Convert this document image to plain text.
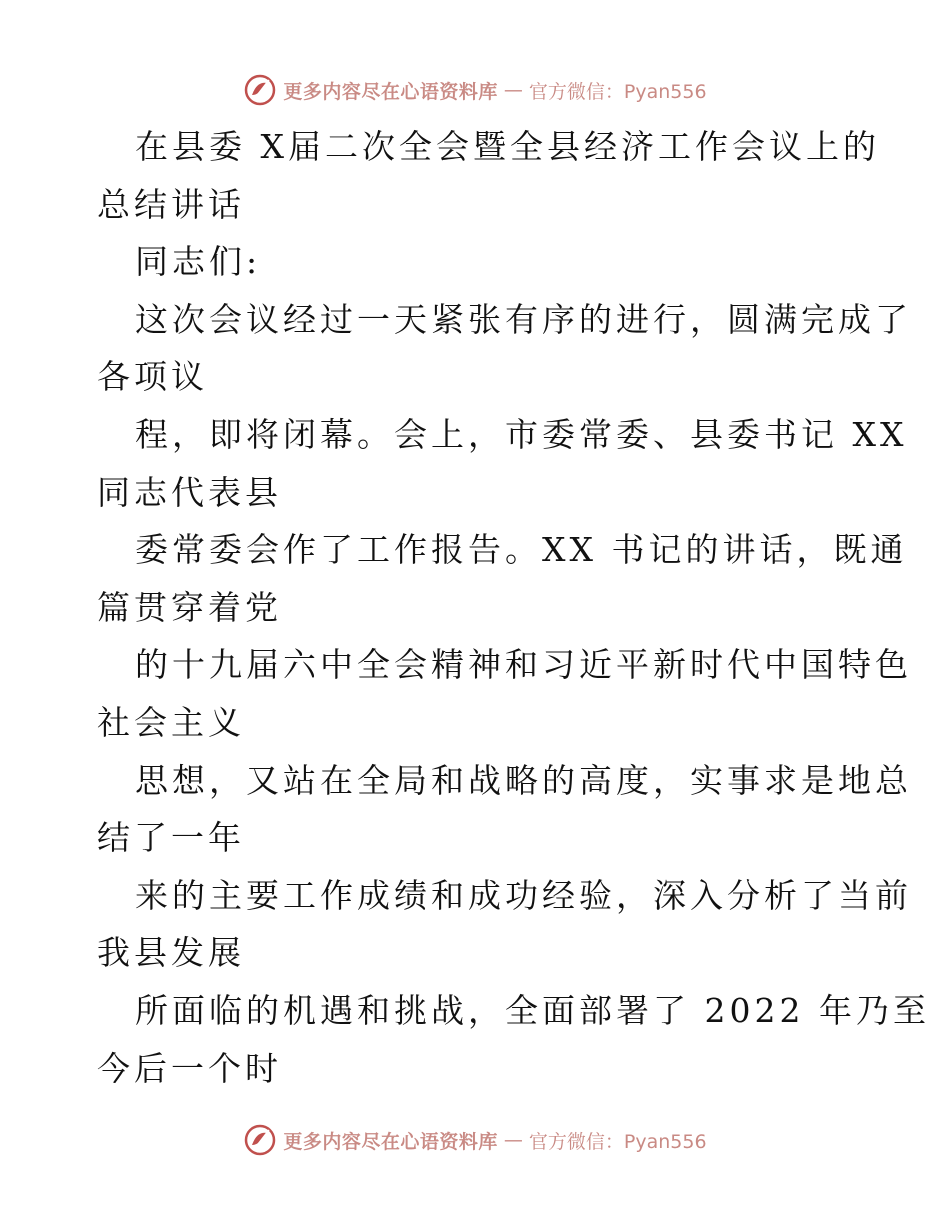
更多内容尽在心语资料库 — 官方微信：Pyan556
在县委 X届二次全会暨全县经济工作会议上的
总结讲话
同志们:
这次会议经过一天紧张有序的进行，圆满完成了
各项议
程，即将闭幕。会上，市委常委、县委书记 XX
同志代表县
委常委会作了工作报告。XX 书记的讲话，既通
篇贯穿着党
的十九届六中全会精神和习近平新时代中国特色
社会主义
思想，又站在全局和战略的高度，实事求是地总
结了一年
来的主要工作成绩和成功经验，深入分析了当前
我县发展
所面临的机遇和挑战，全面部署了 2022 年乃至
今后一个时
更多内容尽在心语资料库 — 官方微信：Pyan556
